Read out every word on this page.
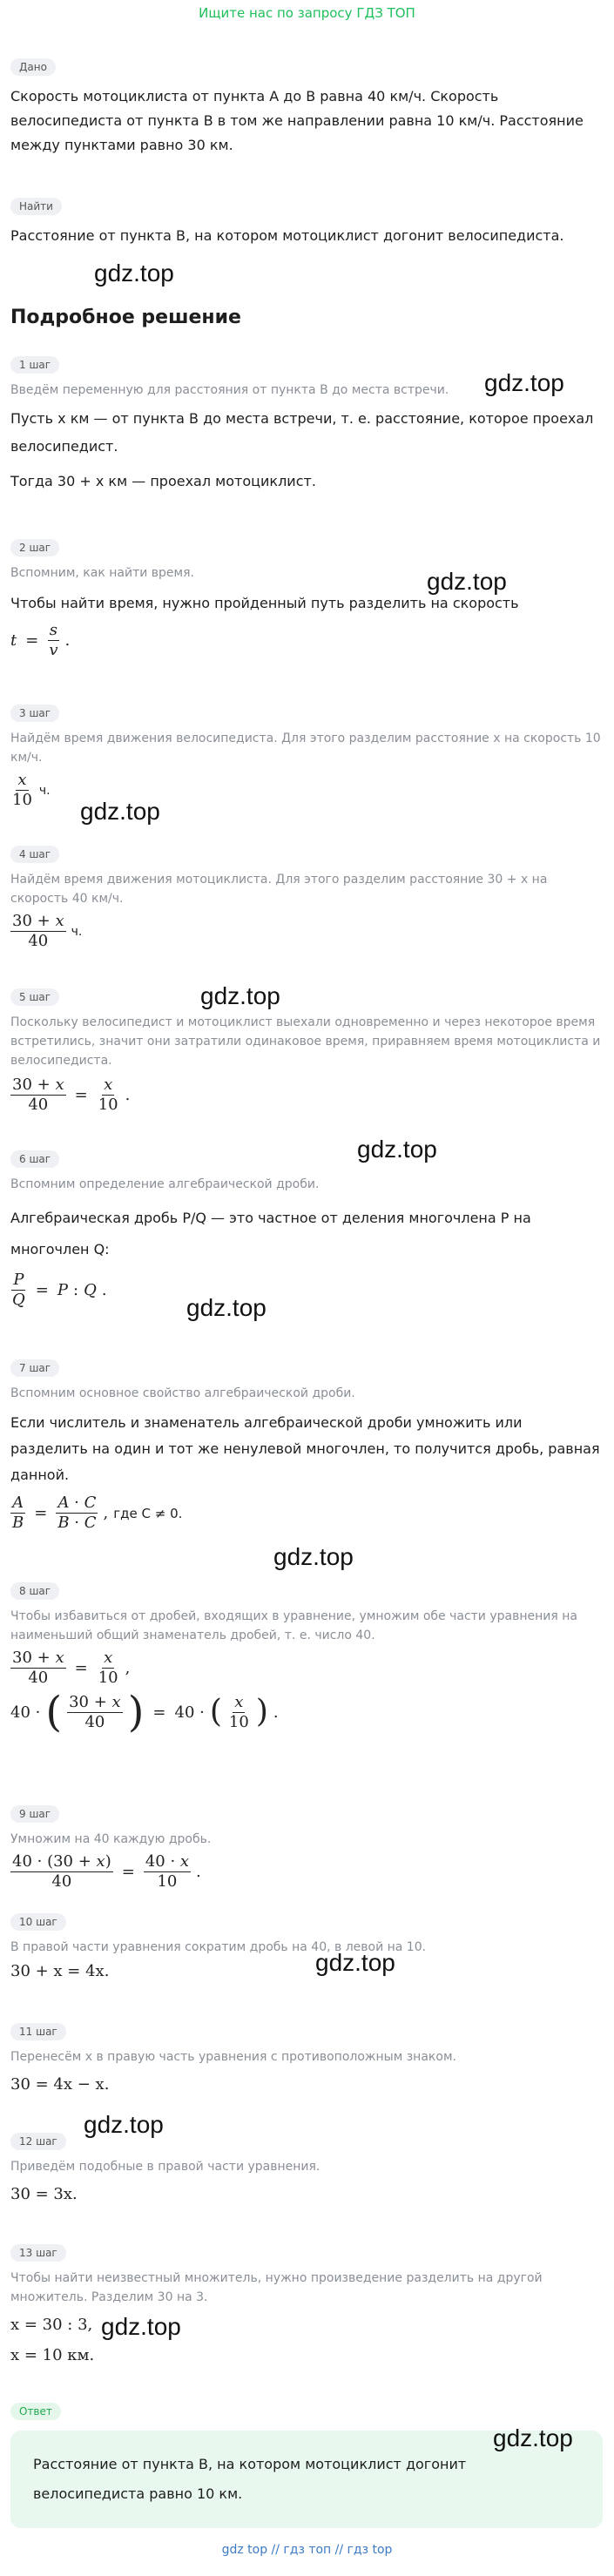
Ищите нас по запросу ГДЗ ТОП
Дано
Скорость мотоциклиста от пункта А до В равна 40 км/ч. Скорость велосипедиста от пункта В в том же направлении равна 10 км/ч. Расстояние между пунктами равно 30 км.
Найти
Расстояние от пункта В, на котором мотоциклист догонит велосипедиста.
Подробное решение
1 шаг
Введём переменную для расстояния от пункта В до места встречи.
Пусть x км — от пункта В до места встречи, т. е. расстояние, которое проехал велосипедист.
Тогда 30 + x км — проехал мотоциклист.
2 шаг
Вспомним, как найти время.
Чтобы найти время, нужно пройденный путь разделить на скорость
$t = \frac{s}{v}$ .
3 шаг
Найдём время движения велосипедиста. Для этого разделим расстояние x на скорость 10 км/ч.
$\frac{x}{10} ч$.
4 шаг
Найдём время движения мотоциклиста. Для этого разделим расстояние 30 + x на скорость 40 км/ч.
$\frac{30 + x}{40} ч$.
5 шаг
Поскольку велосипедист и мотоциклист выехали одновременно и через некоторое время встретились, значит они затратили одинаковое время, приравняем время мотоциклиста и велосипедиста.
$\frac{30 + x}{40} = \frac{x}{10}$ .
6 шаг
Вспомним определение алгебраической дроби.
Алгебраическая дробь P/Q — это частное от деления многочлена P на многочлен Q:
$\frac{P}{Q} = P$ : Q .
7 шаг
Вспомним основное свойство алгебраической дроби.
Если числитель и знаменатель алгебраической дроби умножить или разделить на один и тот же ненулевой многочлен, то получится дробь, равная данной.
$\frac{A}{B} = \frac{A \cdot C}{B \cdot C}$ , где C ≠ 0.
8 шаг
Чтобы избавиться от дробей, входящих в уравнение, умножим обе части уравнения на наименьший общий знаменатель дробей, т. е. число 40.
$\frac{30 + x}{40} = \frac{x}{10}$ ,
40 · ( $\frac{30 + x}{40}$ ) = 40 · ( $\frac{x}{10}$ ) .
9 шаг
Умножим на 40 каждую дробь.
$\frac{40 \cdot (30 + x)}{40} = \frac{40 \cdot x}{10}$ .
10 шаг
В правой части уравнения сократим дробь на 40, в левой на 10.
30 + x = 4x.
11 шаг
Перенесём x в правую часть уравнения с противоположным знаком.
30 = 4x − x.
12 шаг
Приведём подобные в правой части уравнения.
30 = 3x.
13 шаг
Чтобы найти неизвестный множитель, нужно произведение разделить на другой множитель. Разделим 30 на 3.
x = 30 : 3,
x = 10 км.
Ответ
Расстояние от пункта В, на котором мотоциклист догонит велосипедиста равно 10 км.
gdz.top
gdz.top
gdz.top
gdz.top
gdz.top
gdz.top
gdz.top
gdz.top
gdz.top
gdz.top
gdz.top
gdz.top
gdz top // гдз топ // гдз top
